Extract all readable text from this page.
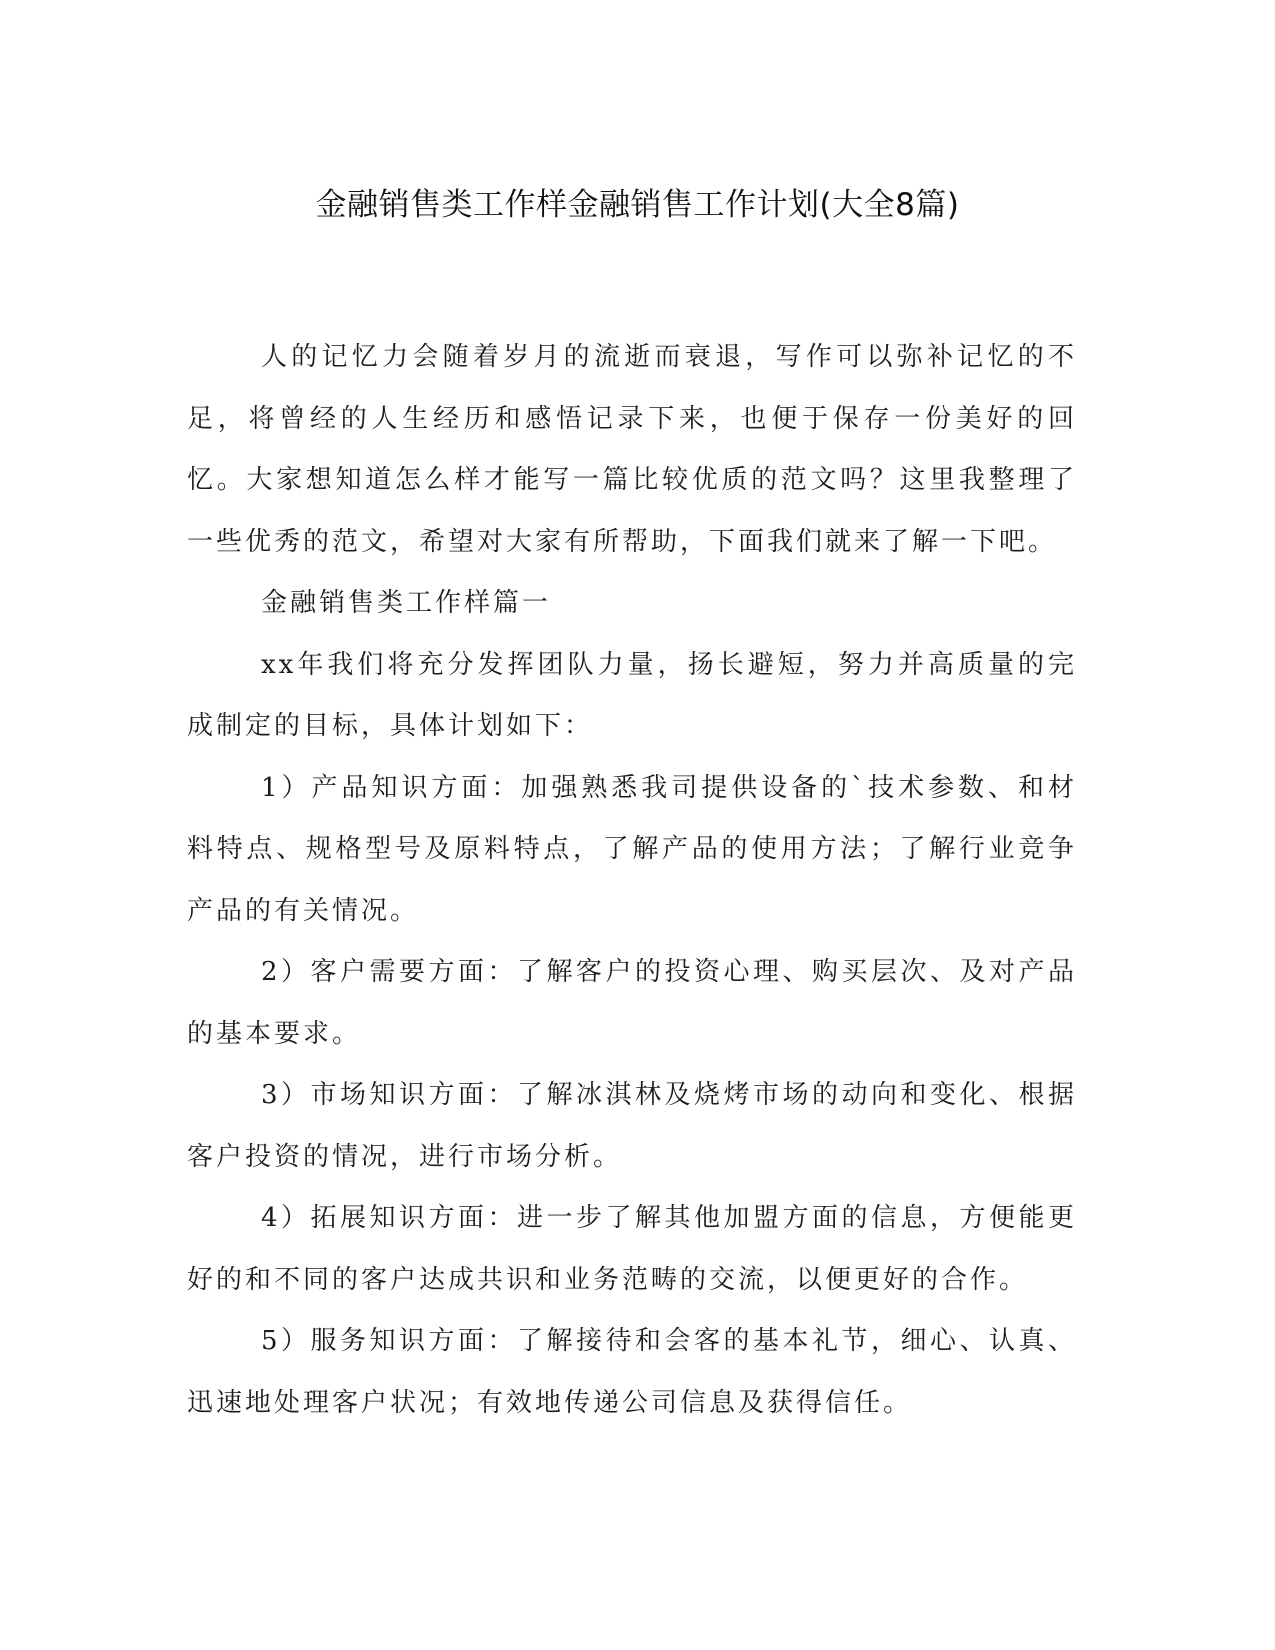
金融销售类工作样金融销售工作计划(大全8篇)

人的记忆力会随着岁月的流逝而衰退，写作可以弥补记忆的不足，将曾经的人生经历和感悟记录下来，也便于保存一份美好的回忆。大家想知道怎么样才能写一篇比较优质的范文吗？这里我整理了一些优秀的范文，希望对大家有所帮助，下面我们就来了解一下吧。

金融销售类工作样篇一

xx年我们将充分发挥团队力量，扬长避短，努力并高质量的完成制定的目标，具体计划如下：

1）产品知识方面：加强熟悉我司提供设备的`技术参数、和材料特点、规格型号及原料特点，了解产品的使用方法；了解行业竞争产品的有关情况。

2）客户需要方面：了解客户的投资心理、购买层次、及对产品的基本要求。

3）市场知识方面：了解冰淇林及烧烤市场的动向和变化、根据客户投资的情况，进行市场分析。

4）拓展知识方面：进一步了解其他加盟方面的信息，方便能更好的和不同的客户达成共识和业务范畴的交流，以便更好的合作。

5）服务知识方面：了解接待和会客的基本礼节，细心、认真、迅速地处理客户状况；有效地传递公司信息及获得信任。
